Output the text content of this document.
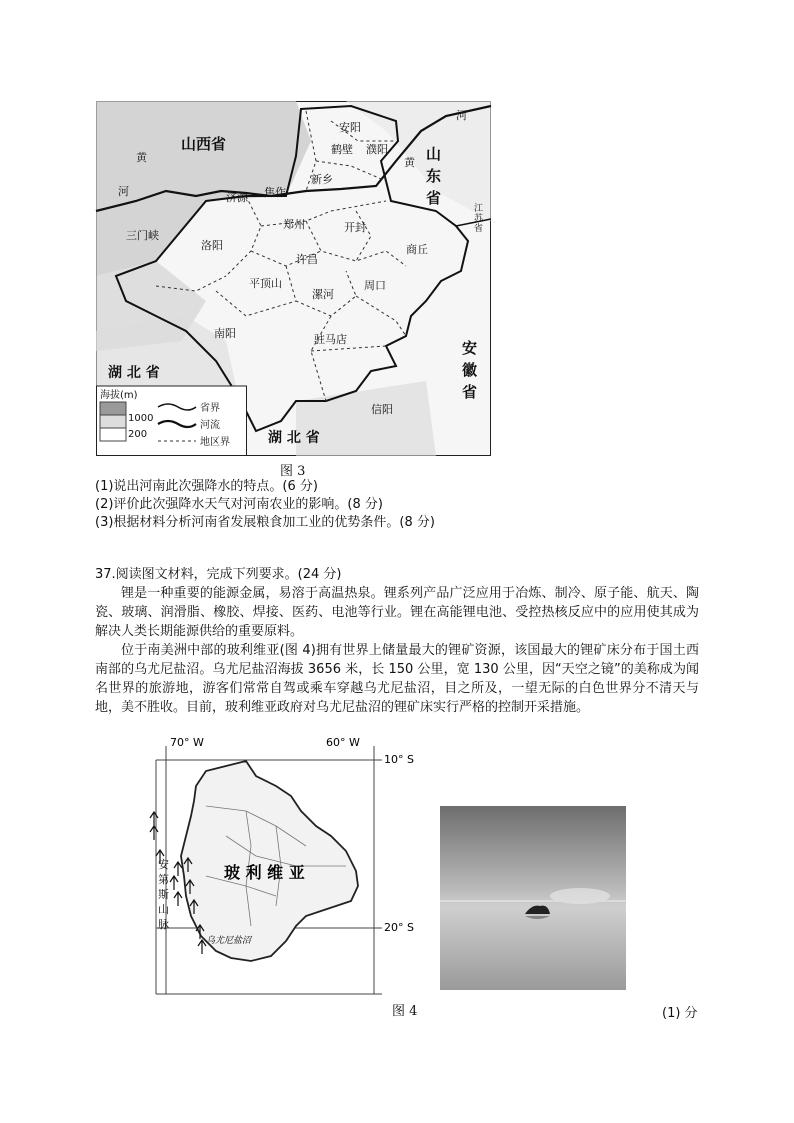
山西省
山
东
省
安
徽
省
湖 北 省
湖 北 省
江
苏
省
黄
河
黄
河
安阳
鹤壁 濮阳
新乡
焦作
济源
郑州	开封
商丘
三门峡
洛阳
许昌
平顶山
漯河
周口
南阳	驻马店
信阳
海拔(m)
1000
200
省界
河流
地区界
图 3
(1)说出河南此次强降水的特点。(6 分)
(2)评价此次强降水天气对河南农业的影响。(8 分)
(3)根据材料分析河南省发展粮食加工业的优势条件。(8 分)
37.阅读图文材料，完成下列要求。(24 分)

锂是一种重要的能源金属，易溶于高温热泉。锂系列产品广泛应用于冶炼、制冷、原子能、航天、陶瓷、玻璃、润滑脂、橡胶、焊接、医药、电池等行业。锂在高能锂电池、受控热核反应中的应用使其成为解决人类长期能源供给的重要原料。

位于南美洲中部的玻利维亚(图 4)拥有世界上储量最大的锂矿资源，该国最大的锂矿床分布于国土西南部的乌尤尼盐沼。乌尤尼盐沼海拔 3656 米，长 150 公里，宽 130 公里，因“天空之镜”的美称成为闻名世界的旅游地，游客们常常自驾或乘车穿越乌尤尼盐沼，目之所及，一望无际的白色世界分不清天与地，美不胜收。目前，玻利维亚政府对乌尤尼盐沼的锂矿床实行严格的控制开采措施。

70° W	60° W
10° S
20° S
玻 利 维 亚
安
第
斯
山
脉
乌尤尼盐沼
图 4	(1) 分
